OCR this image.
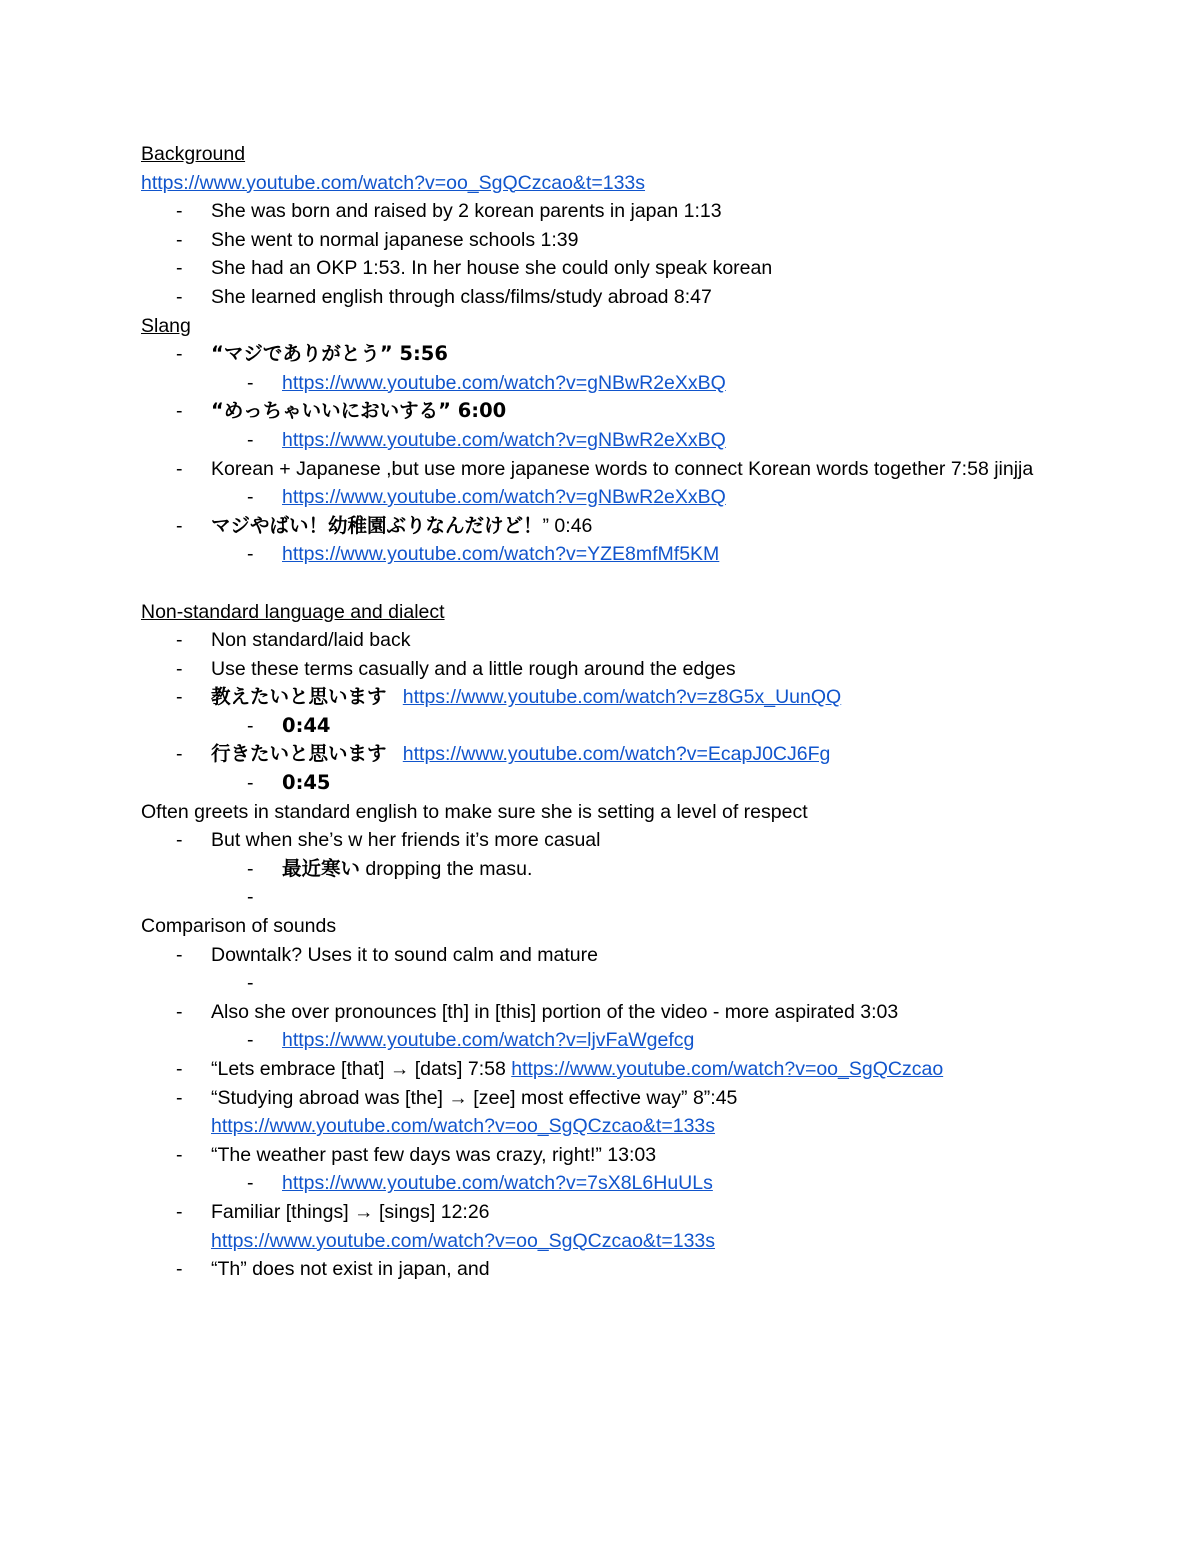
Background
https://www.youtube.com/watch?v=oo_SgQCzcao&t=133s
- She was born and raised by 2 korean parents in japan 1:13
- She went to normal japanese schools 1:39
- She had an OKP 1:53. In her house she could only speak korean
- She learned english through class/films/study abroad 8:47
Slang
- “マジでありがとう” 5:56
- https://www.youtube.com/watch?v=gNBwR2eXxBQ
- “めっちゃいいにおいする” 6:00
- https://www.youtube.com/watch?v=gNBwR2eXxBQ
- Korean + Japanese ,but use more japanese words to connect Korean words together 7:58 jinjja
- https://www.youtube.com/watch?v=gNBwR2eXxBQ
- マジやばい！幼稚園ぶりなんだけど！” 0:46
- https://www.youtube.com/watch?v=YZE8mfMf5KM
Non-standard language and dialect
- Non standard/laid back
- Use these terms casually and a little rough around the edges
- 教えたいと思います https://www.youtube.com/watch?v=z8G5x_UunQQ
- 0:44
- 行きたいと思います https://www.youtube.com/watch?v=EcapJ0CJ6Fg
- 0:45
Often greets in standard english to make sure she is setting a level of respect
- But when she’s w her friends it’s more casual
- 最近寒い dropping the masu.
-
Comparison of sounds
- Downtalk? Uses it to sound calm and mature
-
- Also she over pronounces [th] in [this] portion of the video - more aspirated 3:03
- https://www.youtube.com/watch?v=ljvFaWgefcg
- “Lets embrace [that] → [dats] 7:58 https://www.youtube.com/watch?v=oo_SgQCzcao
- “Studying abroad was [the] → [zee] most effective way” 8”:45
https://www.youtube.com/watch?v=oo_SgQCzcao&t=133s
- “The weather past few days was crazy, right!” 13:03
- https://www.youtube.com/watch?v=7sX8L6HuULs
- Familiar [things] → [sings] 12:26
https://www.youtube.com/watch?v=oo_SgQCzcao&t=133s
- “Th” does not exist in japan, and
